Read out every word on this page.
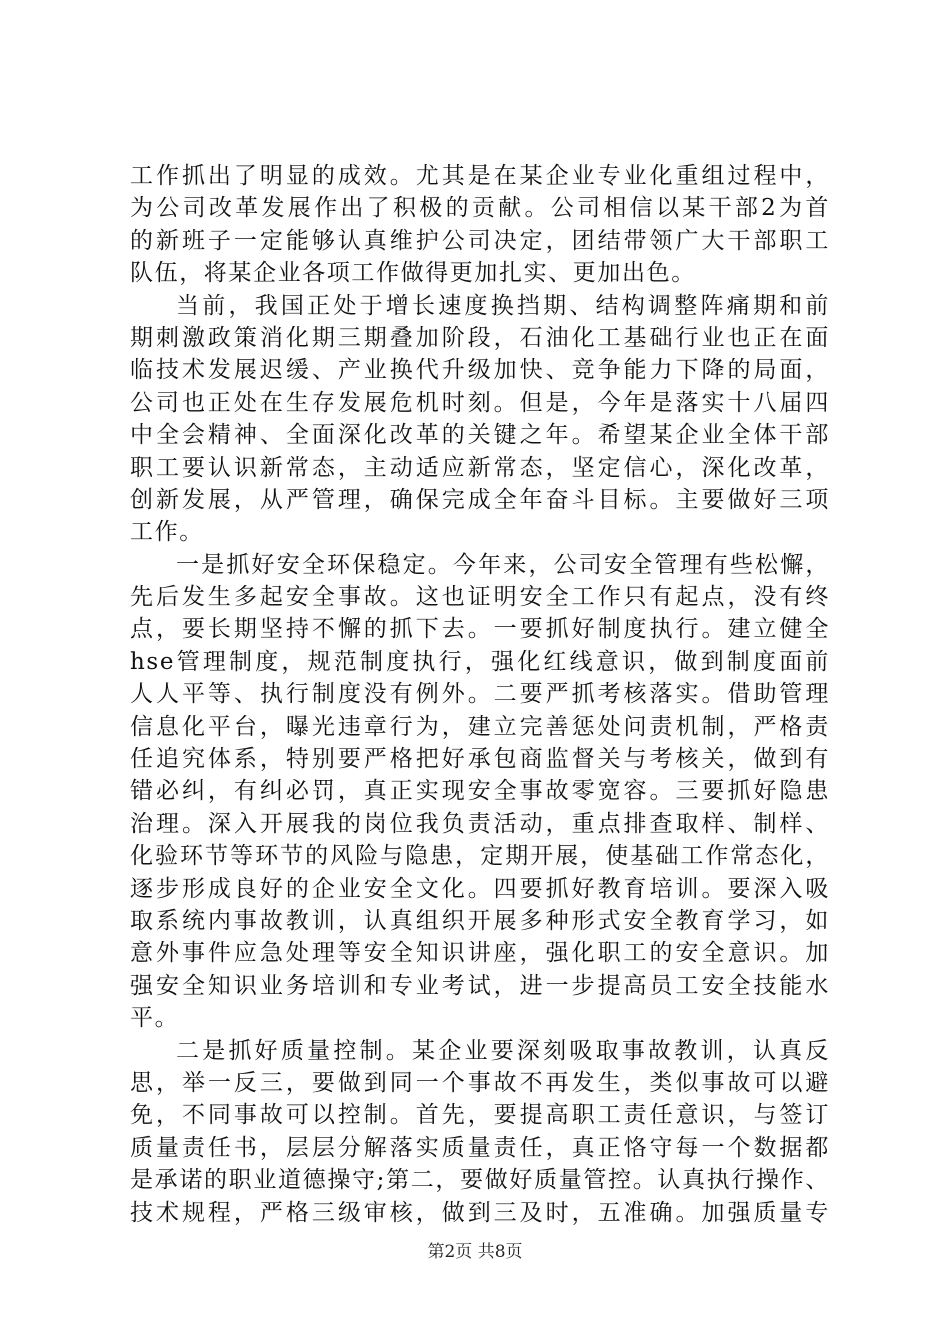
工作抓出了明显的成效。尤其是在某企业专业化重组过程中，
为公司改革发展作出了积极的贡献。公司相信以某干部2为首
的新班子一定能够认真维护公司决定，团结带领广大干部职工
队伍，将某企业各项工作做得更加扎实、更加出色。
当前，我国正处于增长速度换挡期、结构调整阵痛期和前
期刺激政策消化期三期叠加阶段，石油化工基础行业也正在面
临技术发展迟缓、产业换代升级加快、竞争能力下降的局面，
公司也正处在生存发展危机时刻。但是，今年是落实十八届四
中全会精神、全面深化改革的关键之年。希望某企业全体干部
职工要认识新常态，主动适应新常态，坚定信心，深化改革，
创新发展，从严管理，确保完成全年奋斗目标。主要做好三项
工作。
一是抓好安全环保稳定。今年来，公司安全管理有些松懈，
先后发生多起安全事故。这也证明安全工作只有起点，没有终
点，要长期坚持不懈的抓下去。一要抓好制度执行。建立健全
hse管理制度，规范制度执行，强化红线意识，做到制度面前
人人平等、执行制度没有例外。二要严抓考核落实。借助管理
信息化平台，曝光违章行为，建立完善惩处问责机制，严格责
任追究体系，特别要严格把好承包商监督关与考核关，做到有
错必纠，有纠必罚，真正实现安全事故零宽容。三要抓好隐患
治理。深入开展我的岗位我负责活动，重点排查取样、制样、
化验环节等环节的风险与隐患，定期开展，使基础工作常态化，
逐步形成良好的企业安全文化。四要抓好教育培训。要深入吸
取系统内事故教训，认真组织开展多种形式安全教育学习，如
意外事件应急处理等安全知识讲座，强化职工的安全意识。加
强安全知识业务培训和专业考试，进一步提高员工安全技能水
平。
二是抓好质量控制。某企业要深刻吸取事故教训，认真反
思，举一反三，要做到同一个事故不再发生，类似事故可以避
免，不同事故可以控制。首先，要提高职工责任意识，与签订
质量责任书，层层分解落实质量责任，真正恪守每一个数据都
是承诺的职业道德操守;第二，要做好质量管控。认真执行操作、
技术规程，严格三级审核，做到三及时，五准确。加强质量专
第2页 共8页
